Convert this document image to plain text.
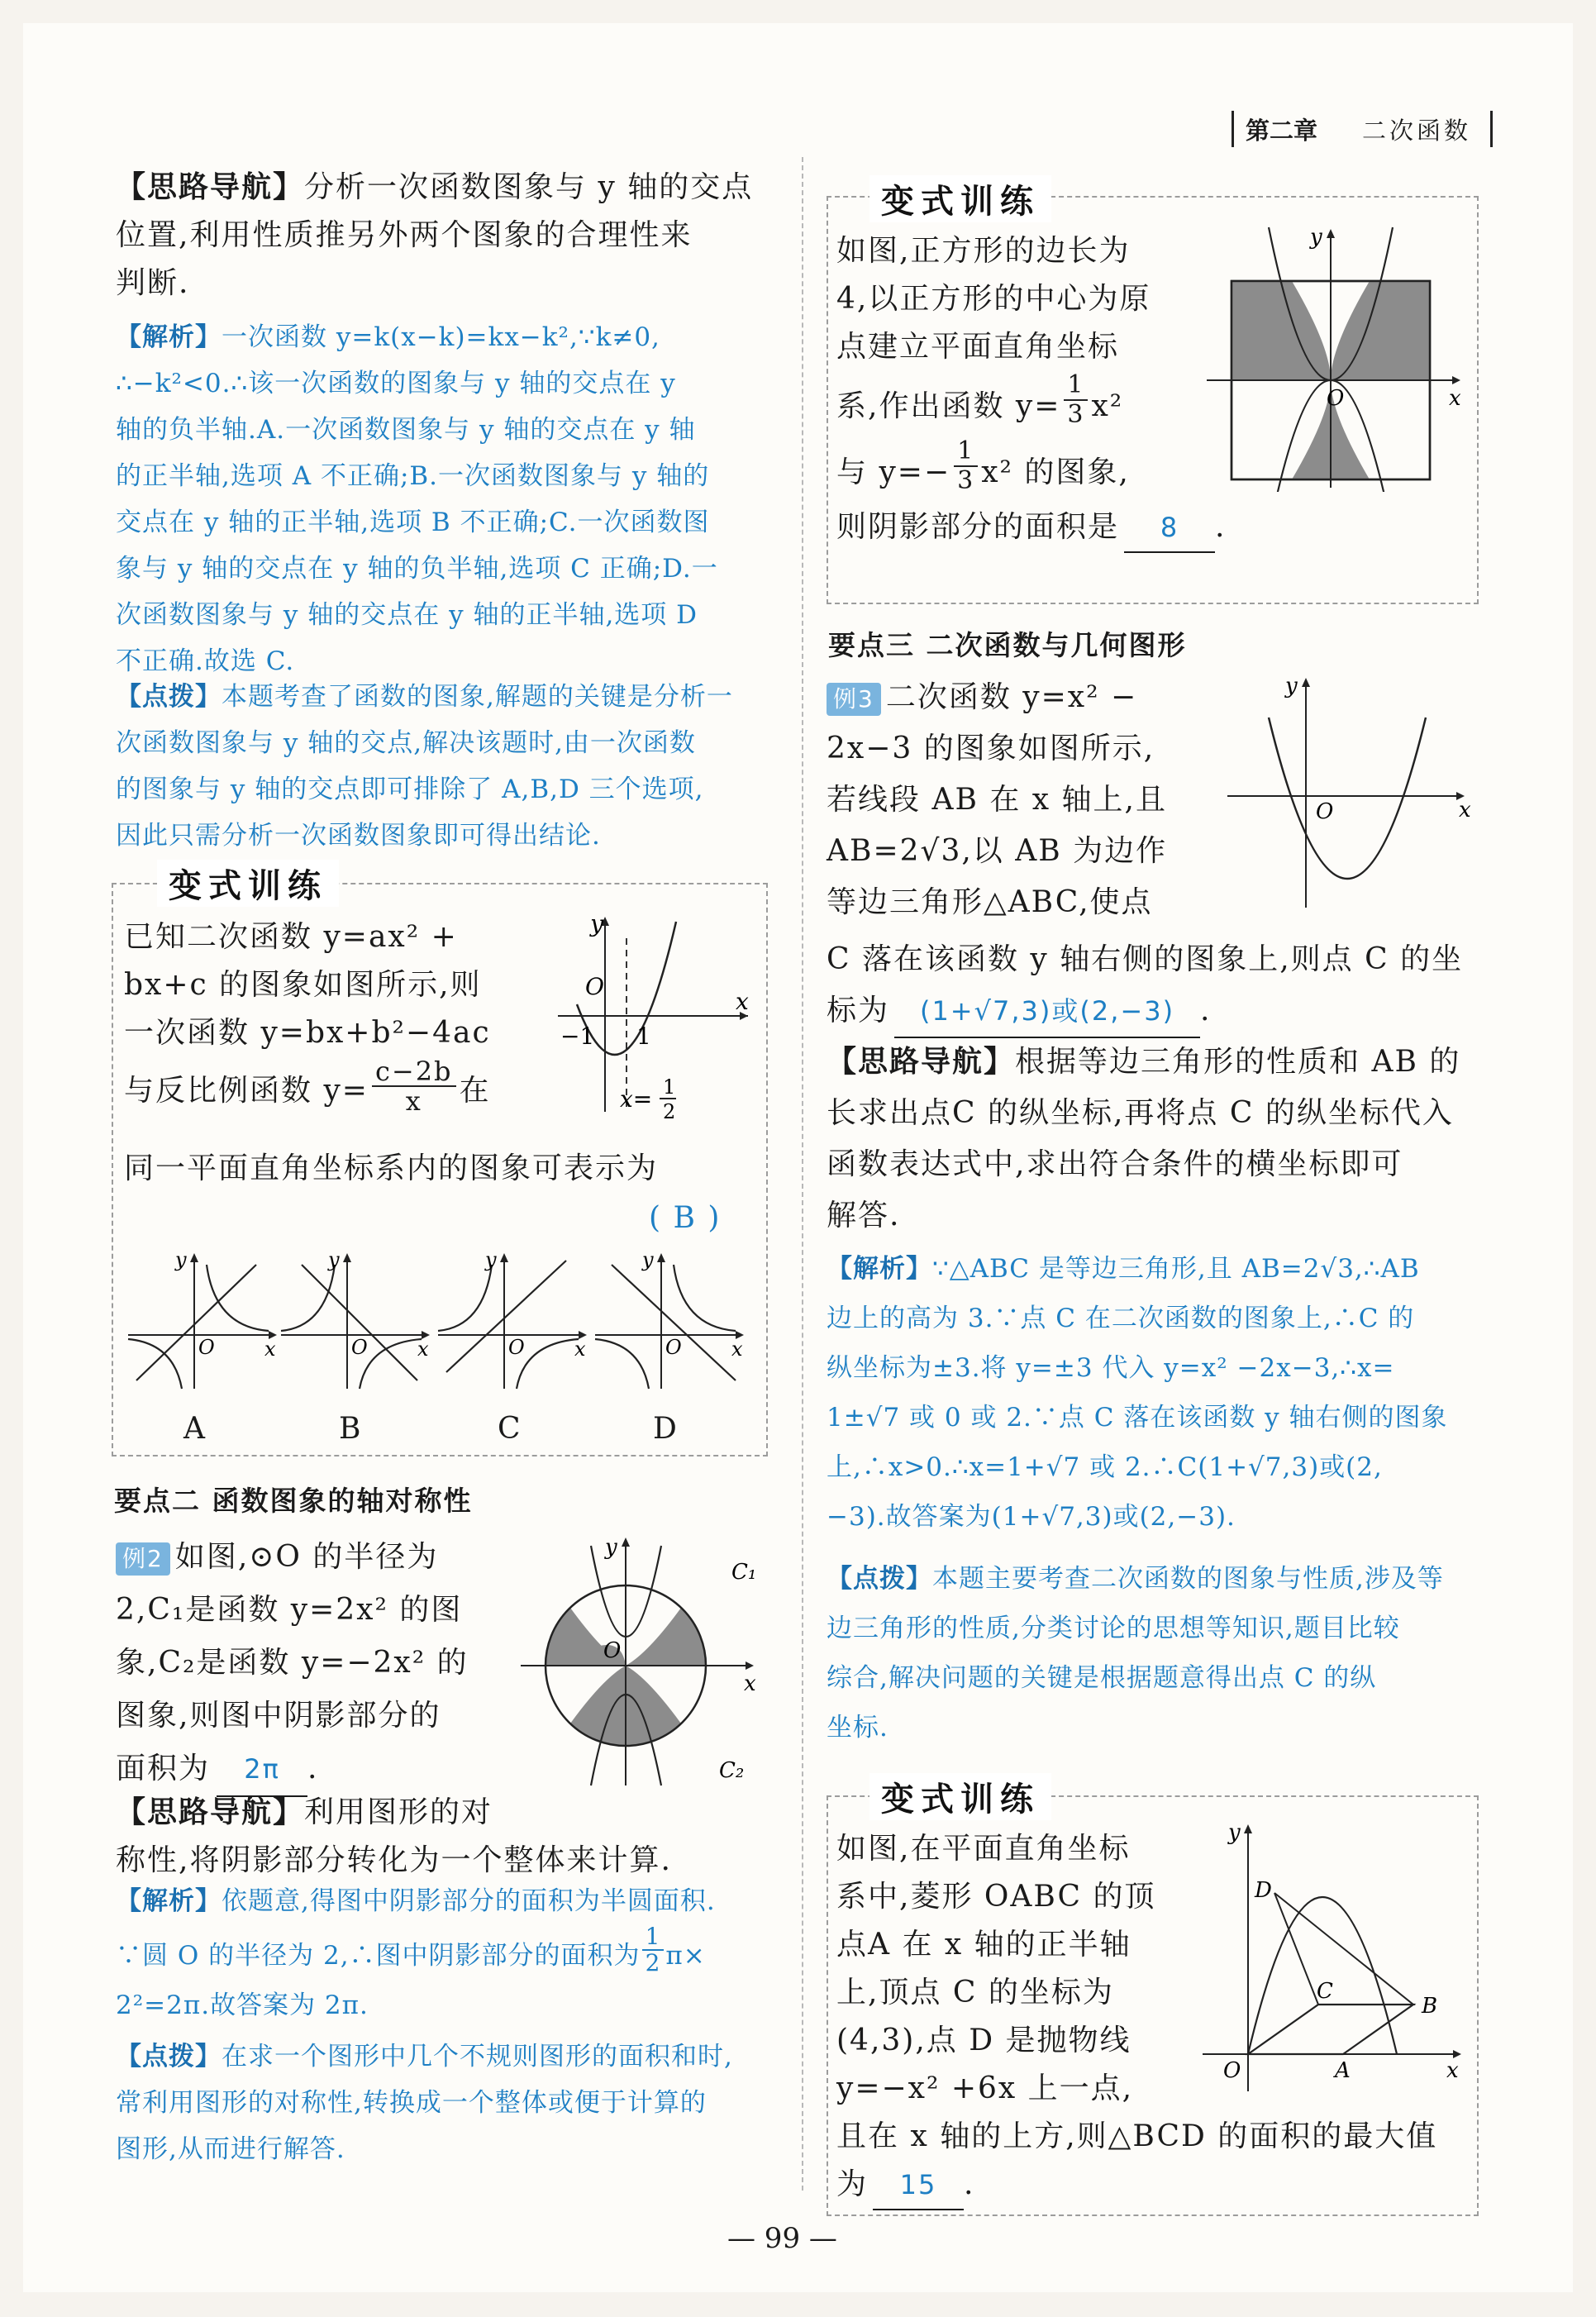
第二章 二次函数
【思路导航】分析一次函数图象与 y 轴的交点
位置,利用性质推另外两个图象的合理性来
判断.
【解析】一次函数 y=k(x−k)=kx−k²,∵k≠0,
∴−k²<0.∴该一次函数的图象与 y 轴的交点在 y
轴的负半轴.A.一次函数图象与 y 轴的交点在 y 轴
的正半轴,选项 A 不正确;B.一次函数图象与 y 轴的
交点在 y 轴的正半轴,选项 B 不正确;C.一次函数图
象与 y 轴的交点在 y 轴的负半轴,选项 C 正确;D.一
次函数图象与 y 轴的交点在 y 轴的正半轴,选项 D
不正确.故选 C.
【点拨】本题考查了函数的图象,解题的关键是分析一
次函数图象与 y 轴的交点,解决该题时,由一次函数
的图象与 y 轴的交点即可排除了 A,B,D 三个选项,
因此只需分析一次函数图象即可得出结论.
变式训练
已知二次函数 y=ax² +
bx+c 的图象如图所示,则
一次函数 y=bx+b²−4ac
与反比例函数 $y= \frac{c-2b}{x}$ 在
同一平面直角坐标系内的图象可表示为
( B )
y
x
O
−1 1
x= 1
2
y
x
O
y
x
O
y
x
O
y
x
O
A	B	C	D
要点二 函数图象的轴对称性
例2 如图,⊙O 的半径为
2,C₁是函数 y=2x² 的图
象,C₂是函数 y=−2x² 的
图象,则图中阴影部分的
面积为 2π .
y
x
O
C₁
C₂
【思路导航】利用图形的对
称性,将阴影部分转化为一个整体来计算.
【解析】依题意,得图中阴影部分的面积为半圆面积.
∵圆 O 的半径为 2,∴图中阴影部分的面积为 $\frac{1}{2} \pi\times$
2²=2π.故答案为 2π.
【点拨】在求一个图形中几个不规则图形的面积和时,
常利用图形的对称性,转换成一个整体或便于计算的
图形,从而进行解答.
变式训练
如图,正方形的边长为
4,以正方形的中心为原
点建立平面直角坐标
系,作出函数 $y= \frac{1}{3} x^2$
与 $y=- \frac{1}{3} x^2$ 的图象,
则阴影部分的面积是 8 .
y
x
O
要点三 二次函数与几何图形
例3 二次函数 y=x² −
2x−3 的图象如图所示,
若线段 AB 在 x 轴上,且
AB=2√3,以 AB 为边作
等边三角形△ABC,使点
C 落在该函数 y 轴右侧的图象上,则点 C 的坐
标为 (1+√7,3)或(2,−3) .
y
x
O
【思路导航】根据等边三角形的性质和 AB 的
长求出点C 的纵坐标,再将点 C 的纵坐标代入
函数表达式中,求出符合条件的横坐标即可
解答.
【解析】∵△ABC 是等边三角形,且 AB=2√3,∴AB
边上的高为 3.∵点 C 在二次函数的图象上,∴C 的
纵坐标为±3.将 y=±3 代入 y=x² −2x−3,∴x=
1±√7 或 0 或 2.∵点 C 落在该函数 y 轴右侧的图象
上,∴x>0.∴x=1+√7 或 2.∴C(1+√7,3)或(2,
−3).故答案为(1+√7,3)或(2,−3).
【点拨】本题主要考查二次函数的图象与性质,涉及等
边三角形的性质,分类讨论的思想等知识,题目比较
综合,解决问题的关键是根据题意得出点 C 的纵
坐标.
变式训练
如图,在平面直角坐标
系中,菱形 OABC 的顶
点A 在 x 轴的正半轴
上,顶点 C 的坐标为
(4,3),点 D 是抛物线
y=−x² +6x 上一点,
且在 x 轴的上方,则△BCD 的面积的最大值
为 15 .
y
x
O
D
C
B
A
— 99 —
